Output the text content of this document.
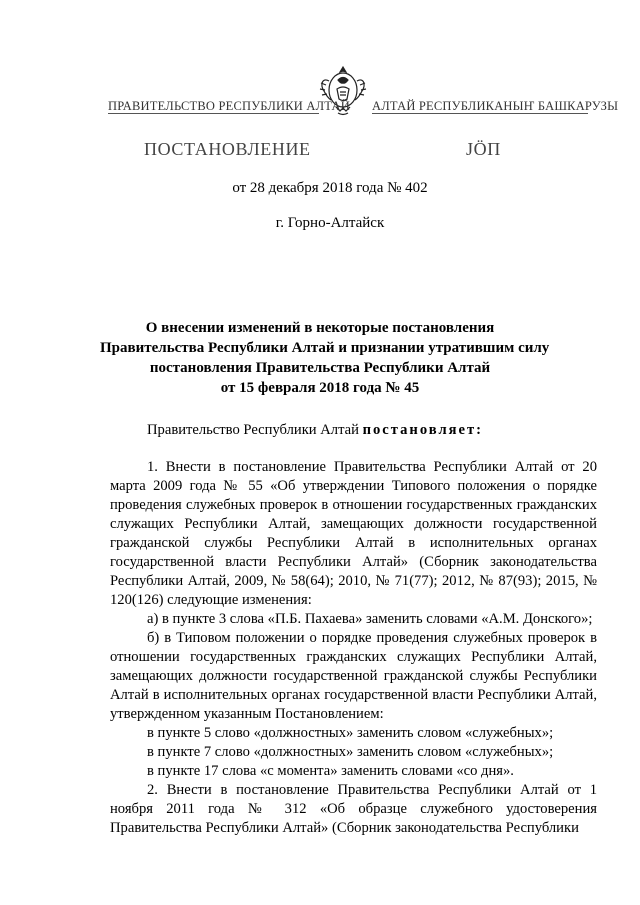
ПРАВИТЕЛЬСТВО РЕСПУБЛИКИ АЛТАЙ АЛТАЙ РЕСПУБЛИКАНЫҤ БАШКАРУЗЫ
ПОСТАНОВЛЕНИЕ	ЈӦП
от 28 декабря 2018 года № 402
г. Горно-Алтайск
О внесении изменений в некоторые постановления
Правительства Республики Алтай и признании утратившим силу
постановления Правительства Республики Алтай
от 15 февраля 2018 года № 45
Правительство Республики Алтай постановляет:

1. Внести в постановление Правительства Республики Алтай от 20 марта 2009 года № 55 «Об утверждении Типового положения о порядке проведения служебных проверок в отношении государственных гражданских служащих Республики Алтай, замещающих должности государственной гражданской службы Республики Алтай в исполнительных органах государственной власти Республики Алтай» (Сборник законодательства Республики Алтай, 2009, № 58(64); 2010, № 71(77); 2012, № 87(93); 2015, № 120(126) следующие изменения:

а) в пункте 3 слова «П.Б. Пахаева» заменить словами «А.М. Донского»;

б) в Типовом положении о порядке проведения служебных проверок в отношении государственных гражданских служащих Республики Алтай, замещающих должности государственной гражданской службы Республики Алтай в исполнительных органах государственной власти Республики Алтай, утвержденном указанным Постановлением:

в пункте 5 слово «должностных» заменить словом «служебных»;

в пункте 7 слово «должностных» заменить словом «служебных»;

в пункте 17 слова «с момента» заменить словами «со дня».

2. Внести в постановление Правительства Республики Алтай от 1 ноября 2011 года № 312 «Об образце служебного удостоверения Правительства Республики Алтай» (Сборник законодательства Республики
